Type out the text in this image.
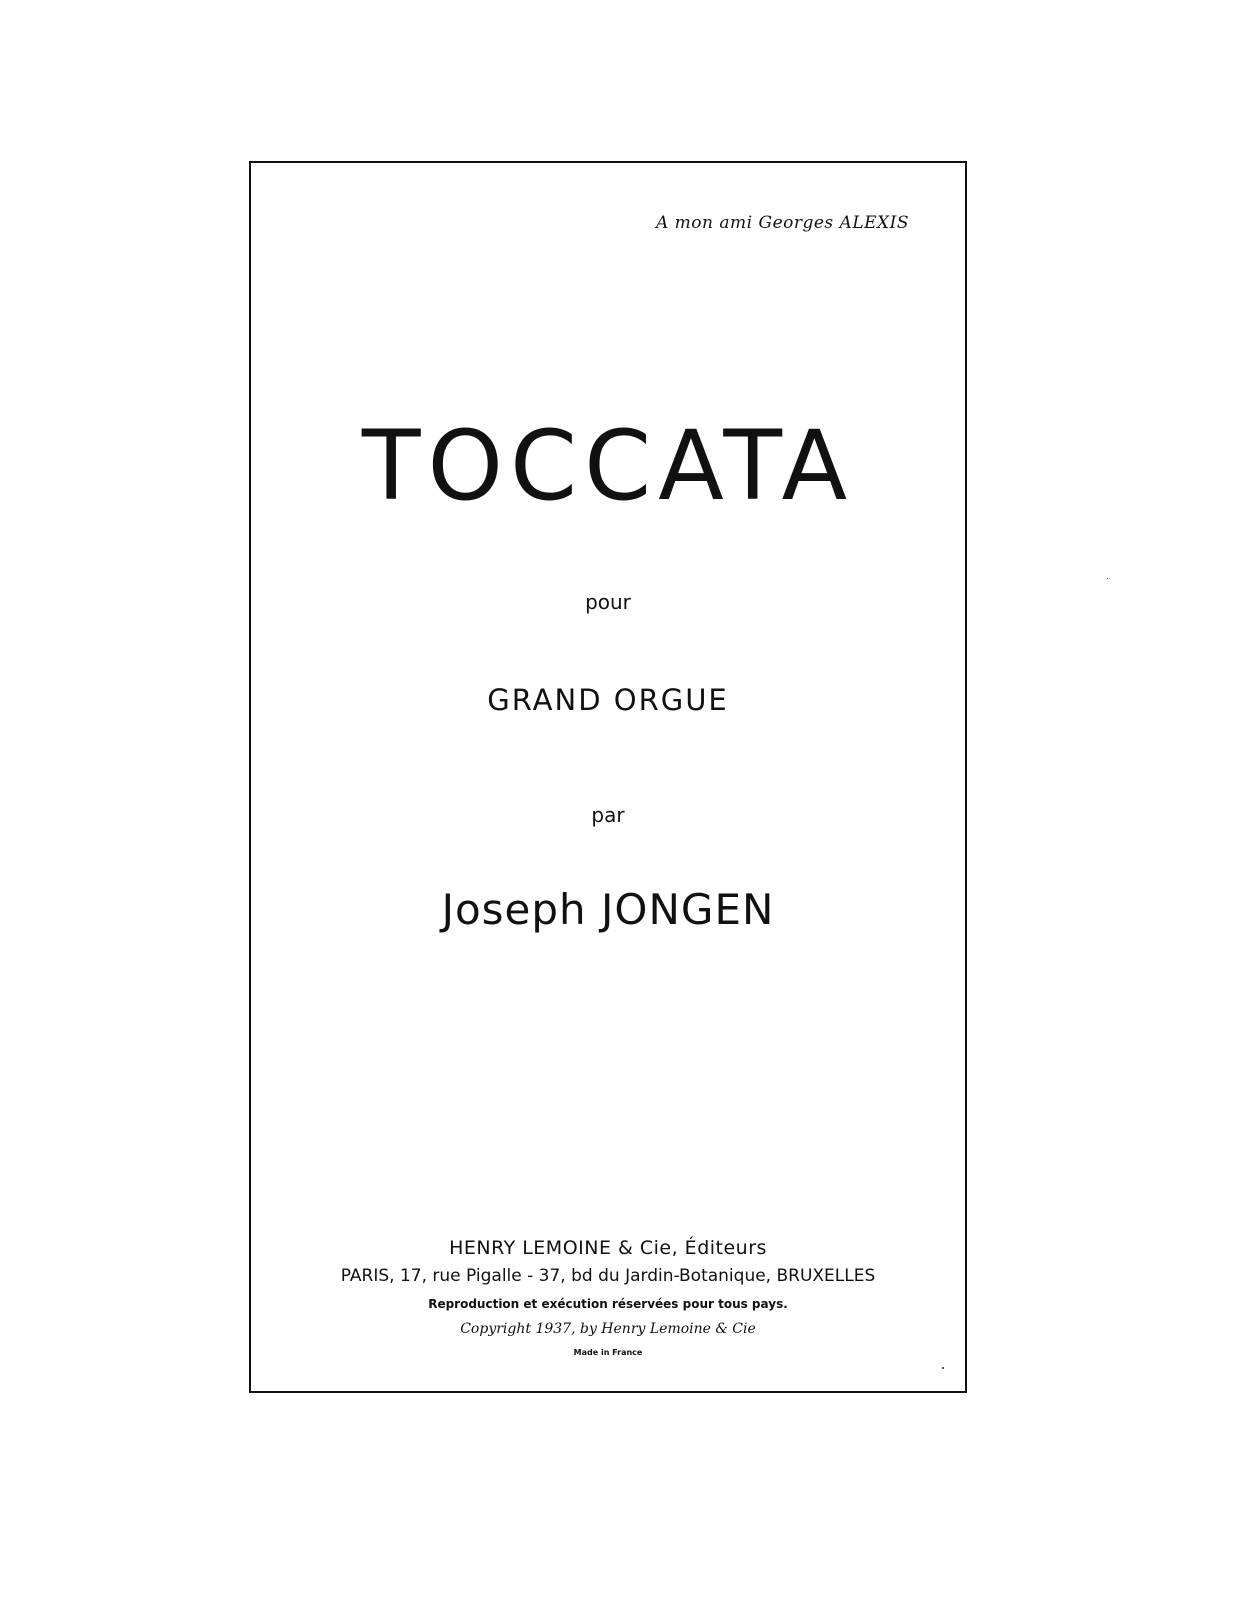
A mon ami Georges ALEXIS
TOCCATA
pour
GRAND ORGUE
par
Joseph JONGEN
HENRY LEMOINE & Cie, Éditeurs
PARIS, 17, rue Pigalle - 37, bd du Jardin-Botanique, BRUXELLES
Reproduction et exécution réservées pour tous pays.
Copyright 1937, by Henry Lemoine & Cie
Made in France
